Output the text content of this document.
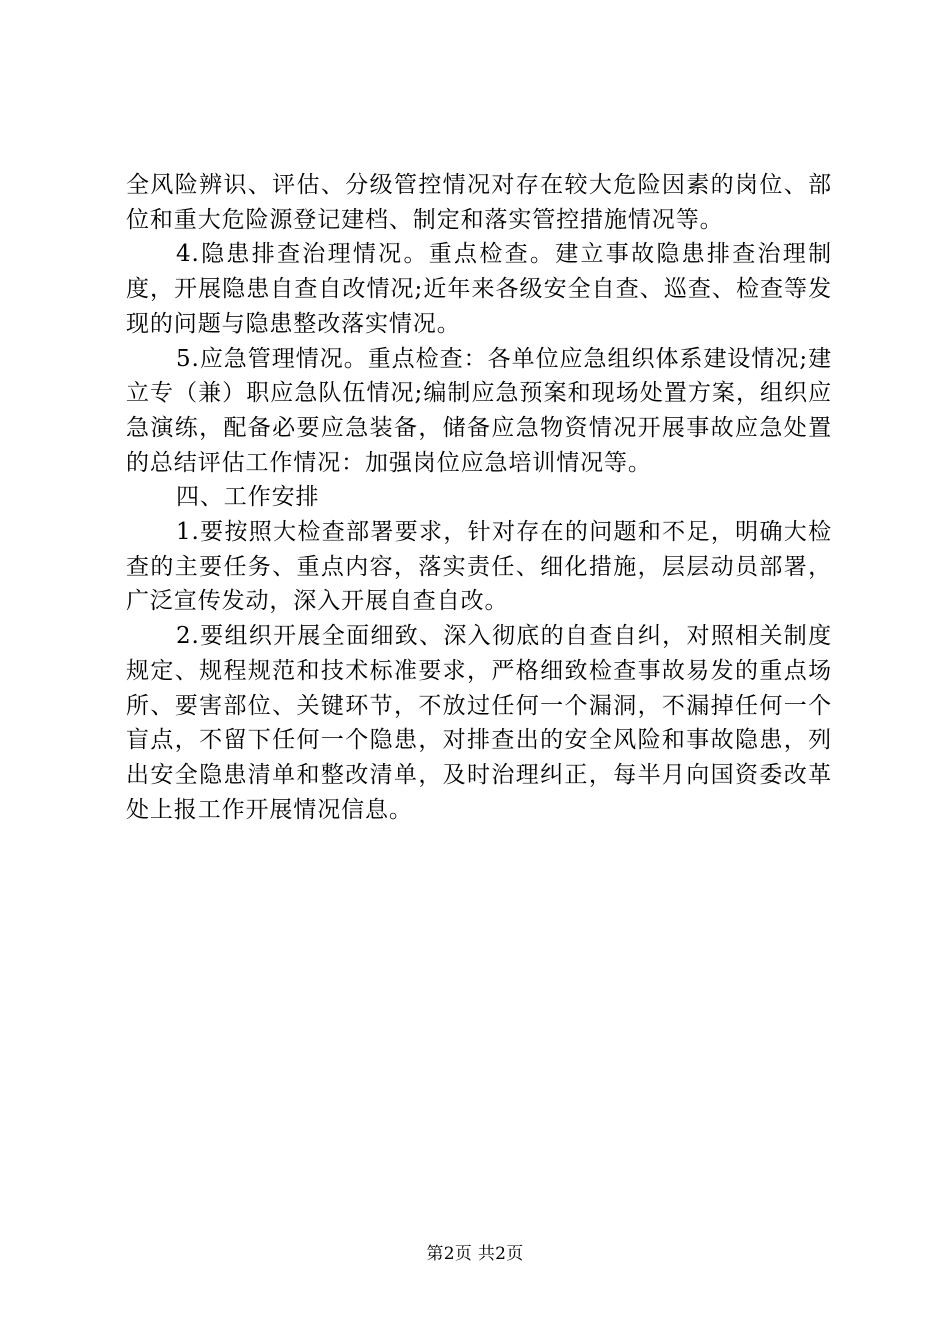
全风险辨识、评估、分级管控情况对存在较大危险因素的岗位、部位和重大危险源登记建档、制定和落实管控措施情况等。

4.隐患排查治理情况。重点检查。建立事故隐患排查治理制度，开展隐患自查自改情况;近年来各级安全自查、巡查、检查等发现的问题与隐患整改落实情况。

5.应急管理情况。重点检查：各单位应急组织体系建设情况;建立专（兼）职应急队伍情况;编制应急预案和现场处置方案，组织应急演练，配备必要应急装备，储备应急物资情况开展事故应急处置的总结评估工作情况：加强岗位应急培训情况等。

四、工作安排

1.要按照大检查部署要求，针对存在的问题和不足，明确大检查的主要任务、重点内容，落实责任、细化措施，层层动员部署，广泛宣传发动，深入开展自查自改。

2.要组织开展全面细致、深入彻底的自查自纠，对照相关制度规定、规程规范和技术标准要求，严格细致检查事故易发的重点场所、要害部位、关键环节，不放过任何一个漏洞，不漏掉任何一个盲点，不留下任何一个隐患，对排查出的安全风险和事故隐患，列出安全隐患清单和整改清单，及时治理纠正，每半月向国资委改革处上报工作开展情况信息。

第2页 共2页
